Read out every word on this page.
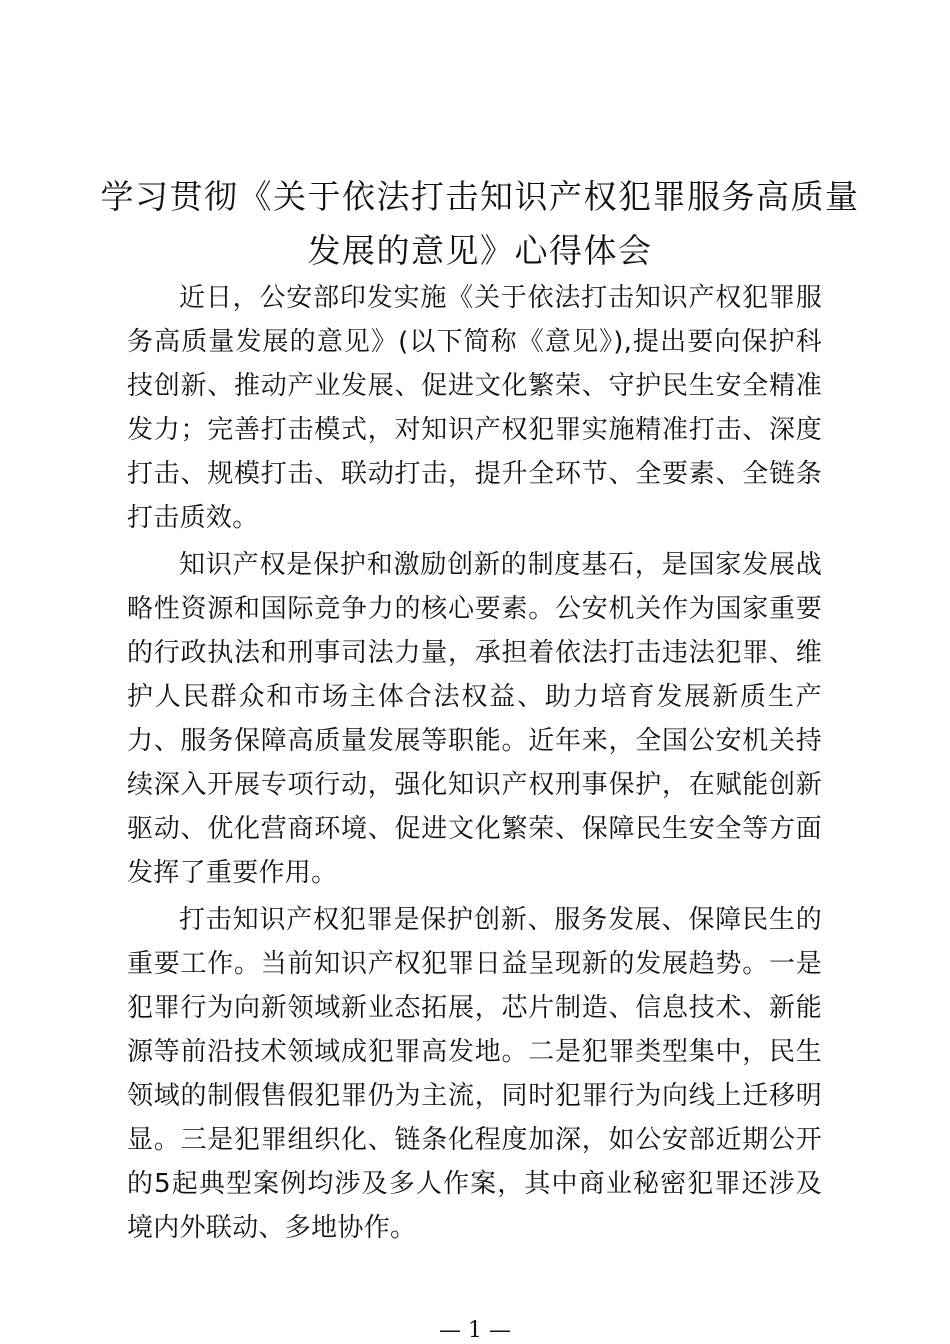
学习贯彻《关于依法打击知识产权犯罪服务高质量发展的意见》心得体会

近日，公安部印发实施《关于依法打击知识产权犯罪服务高质量发展的意见》(以下简称《意见》),提出要向保护科技创新、推动产业发展、促进文化繁荣、守护民生安全精准发力；完善打击模式，对知识产权犯罪实施精准打击、深度打击、规模打击、联动打击，提升全环节、全要素、全链条打击质效。

知识产权是保护和激励创新的制度基石，是国家发展战略性资源和国际竞争力的核心要素。公安机关作为国家重要的行政执法和刑事司法力量，承担着依法打击违法犯罪、维护人民群众和市场主体合法权益、助力培育发展新质生产力、服务保障高质量发展等职能。近年来，全国公安机关持续深入开展专项行动，强化知识产权刑事保护，在赋能创新驱动、优化营商环境、促进文化繁荣、保障民生安全等方面发挥了重要作用。

打击知识产权犯罪是保护创新、服务发展、保障民生的重要工作。当前知识产权犯罪日益呈现新的发展趋势。一是犯罪行为向新领域新业态拓展，芯片制造、信息技术、新能源等前沿技术领域成犯罪高发地。二是犯罪类型集中，民生领域的制假售假犯罪仍为主流，同时犯罪行为向线上迁移明显。三是犯罪组织化、链条化程度加深，如公安部近期公开的5起典型案例均涉及多人作案，其中商业秘密犯罪还涉及境内外联动、多地协作。

— 1 —
